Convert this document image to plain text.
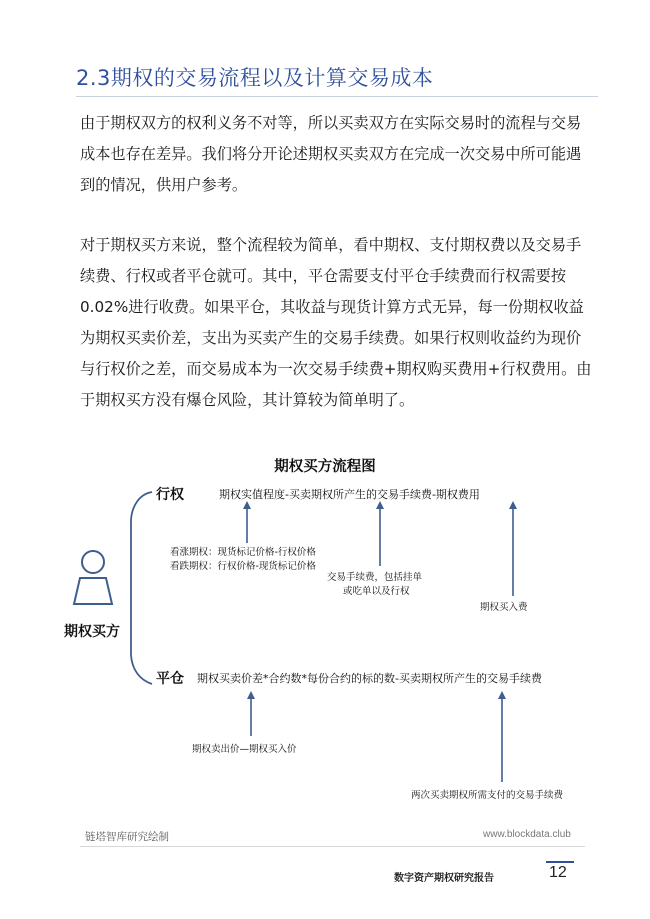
2.3期权的交易流程以及计算交易成本

由于期权双方的权利义务不对等，所以买卖双方在实际交易时的流程与交易成本也存在差异。我们将分开论述期权买卖双方在完成一次交易中所可能遇到的情况，供用户参考。

对于期权买方来说，整个流程较为简单，看中期权、支付期权费以及交易手续费、行权或者平仓就可。其中，平仓需要支付平仓手续费而行权需要按0.02%进行收费。如果平仓，其收益与现货计算方式无异，每一份期权收益为期权买卖价差，支出为买卖产生的交易手续费。如果行权则收益约为现价与行权价之差，而交易成本为一次交易手续费+期权购买费用+行权费用。由于期权买方没有爆仓风险，其计算较为简单明了。

期权买方流程图
期权买方
行权	期权实值程度-买卖期权所产生的交易手续费-期权费用
看涨期权：现货标记价格-行权价格
看跌期权：行权价格-现货标记价格
交易手续费，包括挂单
或吃单以及行权
期权买入费
平仓 期权买卖价差*合约数*每份合约的标的数-买卖期权所产生的交易手续费
期权卖出价—期权买入价
两次买卖期权所需支付的交易手续费
链塔智库研究绘制	www.blockdata.club
数字资产期权研究报告	12
